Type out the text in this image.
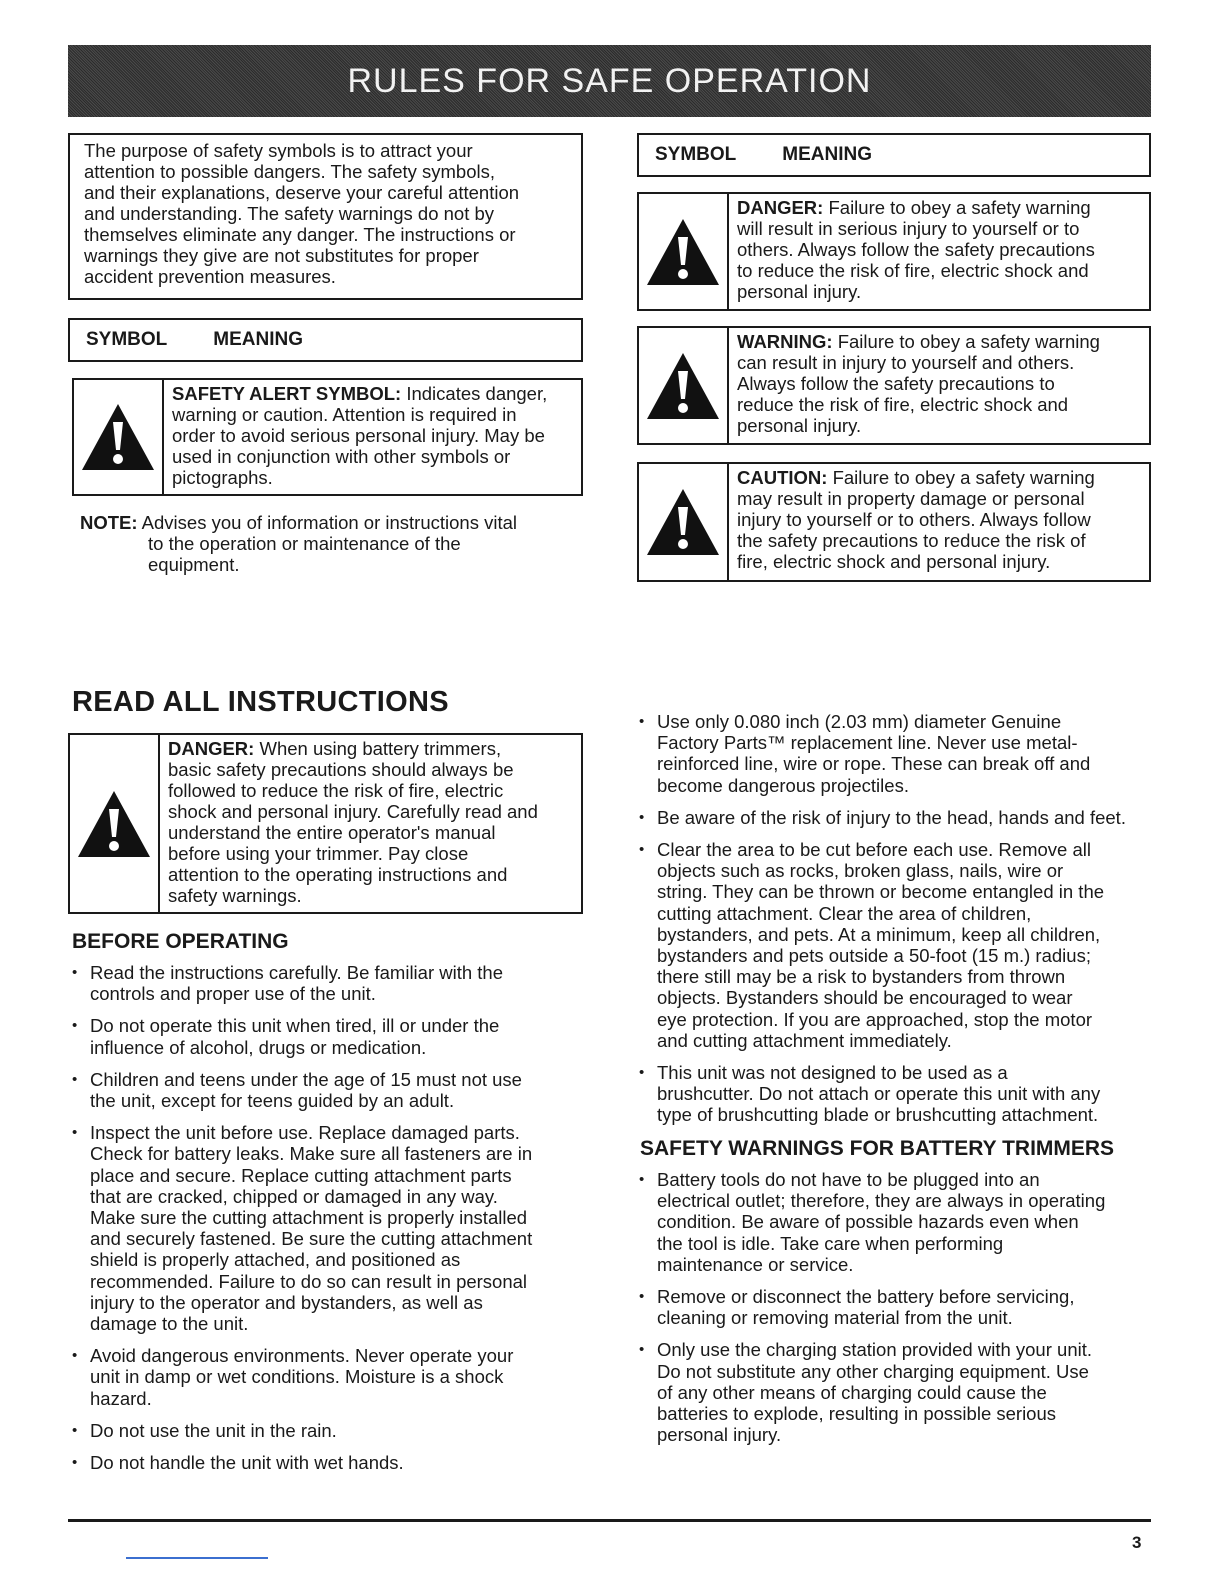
RULES FOR SAFE OPERATION
The purpose of safety symbols is to attract your
attention to possible dangers. The safety symbols,
and their explanations, deserve your careful attention
and understanding. The safety warnings do not by
themselves eliminate any danger. The instructions or
warnings they give are not substitutes for proper
accident prevention measures.
SYMBOL MEANING
SAFETY ALERT SYMBOL: Indicates danger,
warning or caution. Attention is required in
order to avoid serious personal injury. May be
used in conjunction with other symbols or
pictographs.
NOTE: Advises you of information or instructions vital
to the operation or maintenance of the
equipment.
SYMBOL MEANING
DANGER: Failure to obey a safety warning
will result in serious injury to yourself or to
others. Always follow the safety precautions
to reduce the risk of fire, electric shock and
personal injury.
WARNING: Failure to obey a safety warning
can result in injury to yourself and others.
Always follow the safety precautions to
reduce the risk of fire, electric shock and
personal injury.
CAUTION: Failure to obey a safety warning
may result in property damage or personal
injury to yourself or to others. Always follow
the safety precautions to reduce the risk of
fire, electric shock and personal injury.
READ ALL INSTRUCTIONS
DANGER: When using battery trimmers,
basic safety precautions should always be
followed to reduce the risk of fire, electric
shock and personal injury. Carefully read and
understand the entire operator's manual
before using your trimmer. Pay close
attention to the operating instructions and
safety warnings.
BEFORE OPERATING
• Read the instructions carefully. Be familiar with the
controls and proper use of the unit.
• Do not operate this unit when tired, ill or under the
influence of alcohol, drugs or medication.
• Children and teens under the age of 15 must not use
the unit, except for teens guided by an adult.
• Inspect the unit before use. Replace damaged parts.
Check for battery leaks. Make sure all fasteners are in
place and secure. Replace cutting attachment parts
that are cracked, chipped or damaged in any way.
Make sure the cutting attachment is properly installed
and securely fastened. Be sure the cutting attachment
shield is properly attached, and positioned as
recommended. Failure to do so can result in personal
injury to the operator and bystanders, as well as
damage to the unit.
• Avoid dangerous environments. Never operate your
unit in damp or wet conditions. Moisture is a shock
hazard.
• Do not use the unit in the rain.
• Do not handle the unit with wet hands.
• Use only 0.080 inch (2.03 mm) diameter Genuine
Factory Parts™ replacement line. Never use metal-
reinforced line, wire or rope. These can break off and
become dangerous projectiles.
• Be aware of the risk of injury to the head, hands and feet.
• Clear the area to be cut before each use. Remove all
objects such as rocks, broken glass, nails, wire or
string. They can be thrown or become entangled in the
cutting attachment. Clear the area of children,
bystanders, and pets. At a minimum, keep all children,
bystanders and pets outside a 50-foot (15 m.) radius;
there still may be a risk to bystanders from thrown
objects. Bystanders should be encouraged to wear
eye protection. If you are approached, stop the motor
and cutting attachment immediately.
• This unit was not designed to be used as a
brushcutter. Do not attach or operate this unit with any
type of brushcutting blade or brushcutting attachment.
SAFETY WARNINGS FOR BATTERY TRIMMERS
• Battery tools do not have to be plugged into an
electrical outlet; therefore, they are always in operating
condition. Be aware of possible hazards even when
the tool is idle. Take care when performing
maintenance or service.
• Remove or disconnect the battery before servicing,
cleaning or removing material from the unit.
• Only use the charging station provided with your unit.
Do not substitute any other charging equipment. Use
of any other means of charging could cause the
batteries to explode, resulting in possible serious
personal injury.
3
